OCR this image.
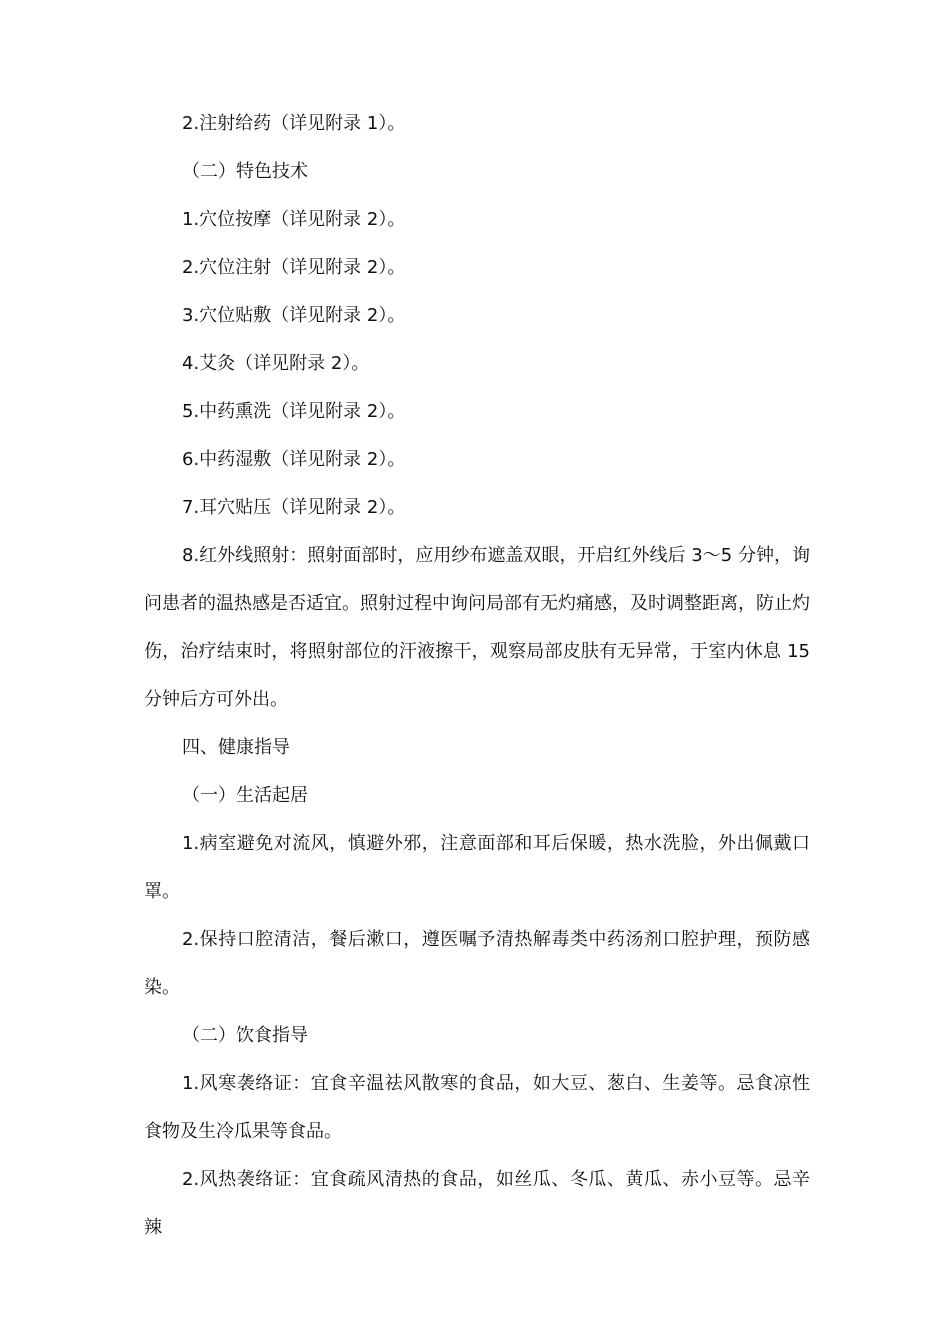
2.注射给药（详见附录 1）。

（二）特色技术

1.穴位按摩（详见附录 2）。

2.穴位注射（详见附录 2）。

3.穴位贴敷（详见附录 2）。

4.艾灸（详见附录 2）。

5.中药熏洗（详见附录 2）。

6.中药湿敷（详见附录 2）。

7.耳穴贴压（详见附录 2）。

8.红外线照射：照射面部时，应用纱布遮盖双眼，开启红外线后 3～5 分钟，询问患者的温热感是否适宜。照射过程中询问局部有无灼痛感，及时调整距离，防止灼伤，治疗结束时，将照射部位的汗液擦干，观察局部皮肤有无异常，于室内休息 15 分钟后方可外出。

四、健康指导

（一）生活起居

1.病室避免对流风，慎避外邪，注意面部和耳后保暖，热水洗脸，外出佩戴口罩。

2.保持口腔清洁，餐后漱口，遵医嘱予清热解毒类中药汤剂口腔护理，预防感染。

（二）饮食指导

1.风寒袭络证：宜食辛温祛风散寒的食品，如大豆、葱白、生姜等。忌食凉性食物及生冷瓜果等食品。

2.风热袭络证：宜食疏风清热的食品，如丝瓜、冬瓜、黄瓜、赤小豆等。忌辛辣
